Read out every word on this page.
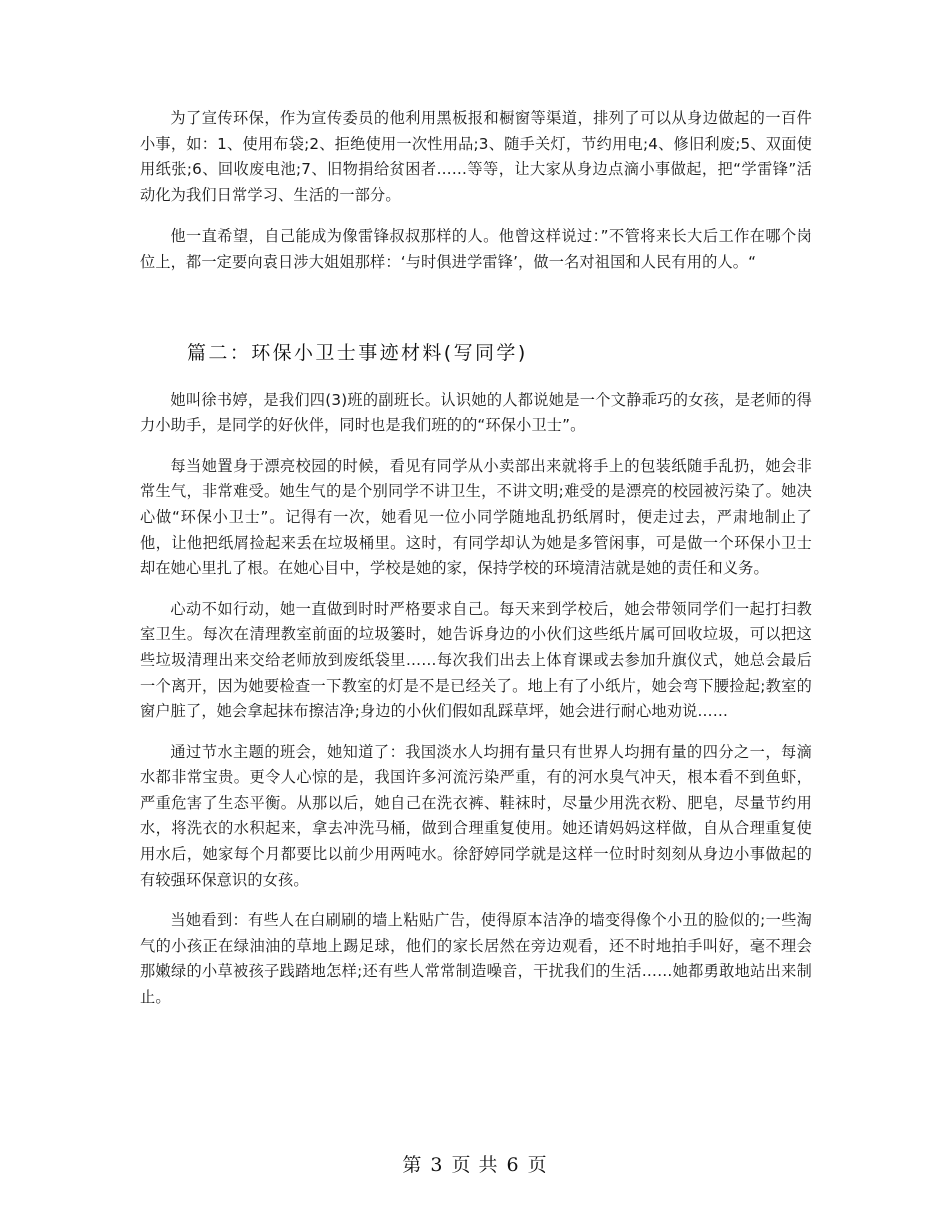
为了宣传环保，作为宣传委员的他利用黑板报和橱窗等渠道，排列了可以从身边做起的一百件小事，如：1、使用布袋;2、拒绝使用一次性用品;3、随手关灯，节约用电;4、修旧利废;5、双面使用纸张;6、回收废电池;7、旧物捐给贫困者……等等，让大家从身边点滴小事做起，把“学雷锋”活动化为我们日常学习、生活的一部分。

他一直希望，自己能成为像雷锋叔叔那样的人。他曾这样说过：”不管将来长大后工作在哪个岗位上，都一定要向袁日涉大姐姐那样：‘与时俱进学雷锋’，做一名对祖国和人民有用的人。“

篇二：环保小卫士事迹材料(写同学)

她叫徐书婷，是我们四(3)班的副班长。认识她的人都说她是一个文静乖巧的女孩，是老师的得力小助手，是同学的好伙伴，同时也是我们班的的“环保小卫士”。

每当她置身于漂亮校园的时候，看见有同学从小卖部出来就将手上的包装纸随手乱扔，她会非常生气，非常难受。她生气的是个别同学不讲卫生，不讲文明;难受的是漂亮的校园被污染了。她决心做“环保小卫士”。记得有一次，她看见一位小同学随地乱扔纸屑时，便走过去，严肃地制止了他，让他把纸屑捡起来丢在垃圾桶里。这时，有同学却认为她是多管闲事，可是做一个环保小卫士却在她心里扎了根。在她心目中，学校是她的家，保持学校的环境清洁就是她的责任和义务。

心动不如行动，她一直做到时时严格要求自己。每天来到学校后，她会带领同学们一起打扫教室卫生。每次在清理教室前面的垃圾篓时，她告诉身边的小伙们这些纸片属可回收垃圾，可以把这些垃圾清理出来交给老师放到废纸袋里……每次我们出去上体育课或去参加升旗仪式，她总会最后一个离开，因为她要检查一下教室的灯是不是已经关了。地上有了小纸片，她会弯下腰捡起;教室的窗户脏了，她会拿起抹布擦洁净;身边的小伙们假如乱踩草坪，她会进行耐心地劝说……

通过节水主题的班会，她知道了：我国淡水人均拥有量只有世界人均拥有量的四分之一，每滴水都非常宝贵。更令人心惊的是，我国许多河流污染严重，有的河水臭气冲天，根本看不到鱼虾，严重危害了生态平衡。从那以后，她自己在洗衣裤、鞋袜时，尽量少用洗衣粉、肥皂，尽量节约用水，将洗衣的水积起来，拿去冲洗马桶，做到合理重复使用。她还请妈妈这样做，自从合理重复使用水后，她家每个月都要比以前少用两吨水。徐舒婷同学就是这样一位时时刻刻从身边小事做起的有较强环保意识的女孩。

当她看到：有些人在白刷刷的墙上粘贴广告，使得原本洁净的墙变得像个小丑的脸似的;一些淘气的小孩正在绿油油的草地上踢足球，他们的家长居然在旁边观看，还不时地拍手叫好，毫不理会那嫩绿的小草被孩子践踏地怎样;还有些人常常制造噪音，干扰我们的生活……她都勇敢地站出来制止。

第 3 页 共 6 页
